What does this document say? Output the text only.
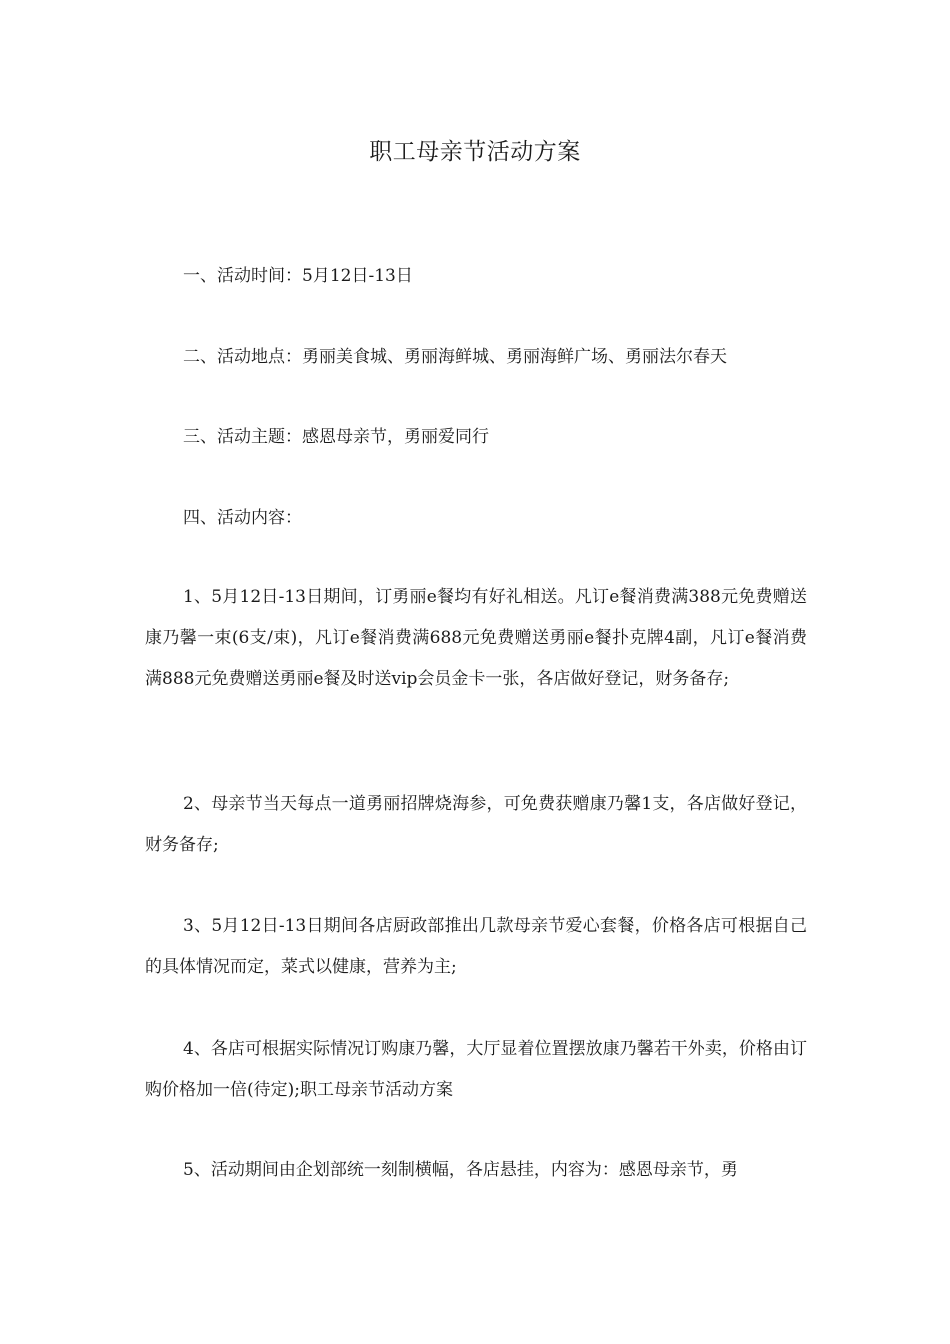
职工母亲节活动方案

一、活动时间：5月12日-13日

二、活动地点：勇丽美食城、勇丽海鲜城、勇丽海鲜广场、勇丽法尔春天

三、活动主题：感恩母亲节，勇丽爱同行

四、活动内容：

1、5月12日-13日期间，订勇丽e餐均有好礼相送。凡订e餐消费满388元免费赠送康乃馨一束(6支/束)，凡订e餐消费满688元免费赠送勇丽e餐扑克牌4副，凡订e餐消费满888元免费赠送勇丽e餐及时送vip会员金卡一张，各店做好登记，财务备存;

2、母亲节当天每点一道勇丽招牌烧海参，可免费获赠康乃馨1支，各店做好登记，财务备存;

3、5月12日-13日期间各店厨政部推出几款母亲节爱心套餐，价格各店可根据自己的具体情况而定，菜式以健康，营养为主;

4、各店可根据实际情况订购康乃馨，大厅显着位置摆放康乃馨若干外卖，价格由订购价格加一倍(待定);职工母亲节活动方案

5、活动期间由企划部统一刻制横幅，各店悬挂，内容为：感恩母亲节，勇
